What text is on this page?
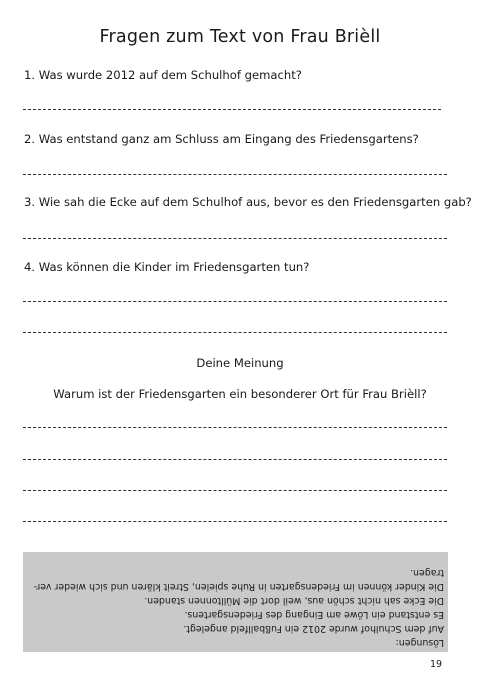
Fragen zum Text von Frau Briѐll
1. Was wurde 2012 auf dem Schulhof gemacht?
2. Was entstand ganz am Schluss am Eingang des Friedensgartens?
3. Wie sah die Ecke auf dem Schulhof aus, bevor es den Friedensgarten gab?
4. Was können die Kinder im Friedensgarten tun?
Deine Meinung
Warum ist der Friedensgarten ein besonderer Ort für Frau Briѐll?
Lösungen:
Auf dem Schulhof wurde 2012 ein Fußballfeld angelegt.
Es entstand ein Löwe am Eingang des Friedensgartens.
Die Ecke sah nicht schön aus, weil dort die Mülltonnen standen.
Die Kinder können im Friedensgarten in Ruhe spielen, Streit klären und sich wieder ver-
tragen.
19
